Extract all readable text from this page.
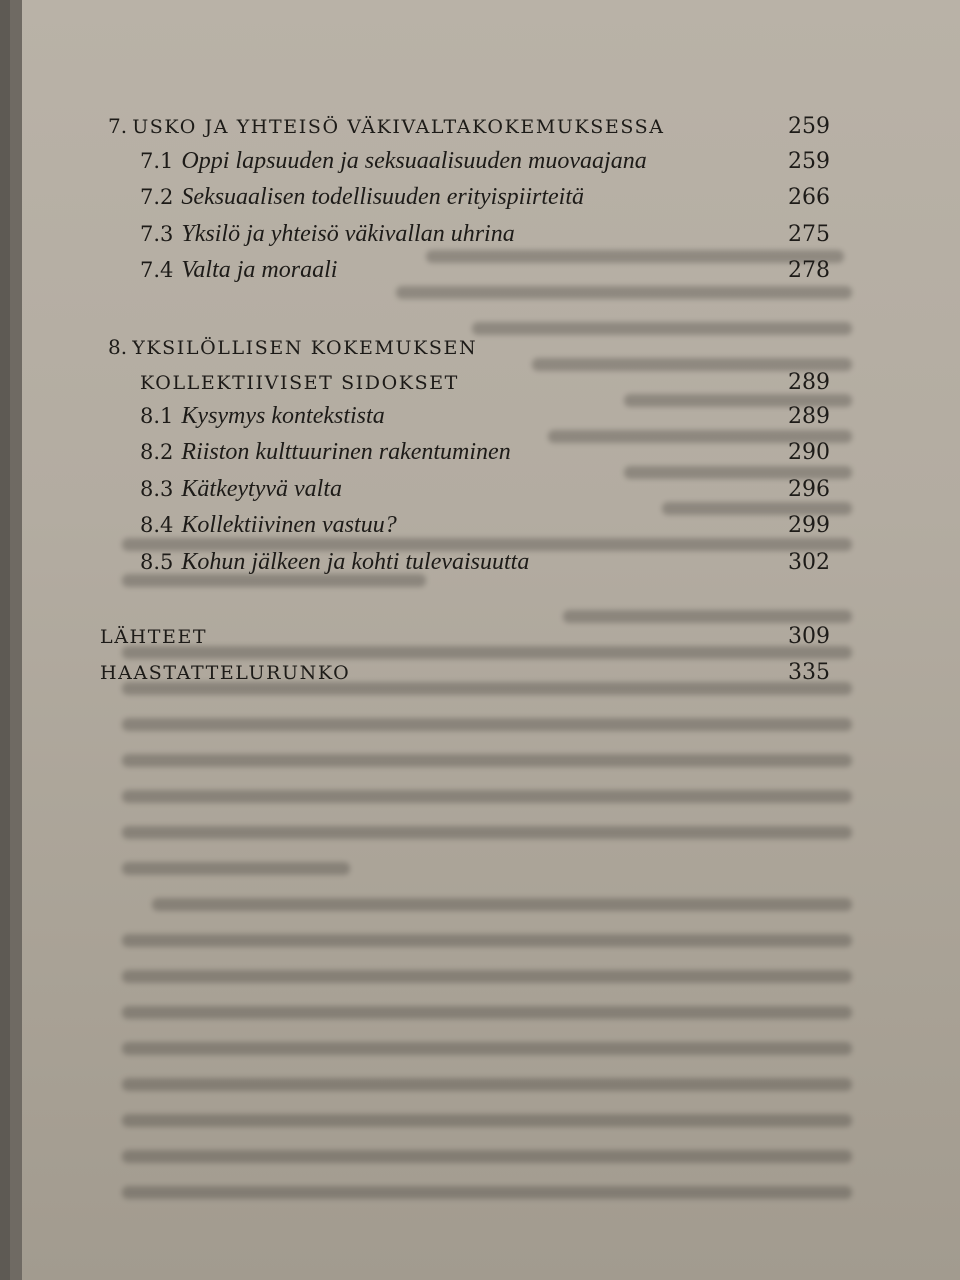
7. USKO JA YHTEISÖ VÄKIVALTAKOKEMUKSESSA	259
7.1 Oppi lapsuuden ja seksuaalisuuden muovaajana	259
7.2 Seksuaalisen todellisuuden erityispiirteitä	266
7.3 Yksilö ja yhteisö väkivallan uhrina	275
7.4 Valta ja moraali	278
8. YKSILÖLLISEN KOKEMUKSEN
KOLLEKTIIVISET SIDOKSET	289
8.1 Kysymys kontekstista	289
8.2 Riiston kulttuurinen rakentuminen	290
8.3 Kätkeytyvä valta	296
8.4 Kollektiivinen vastuu?	299
8.5 Kohun jälkeen ja kohti tulevaisuutta	302
LÄHTEET	309
HAASTATTELURUNKO	335
